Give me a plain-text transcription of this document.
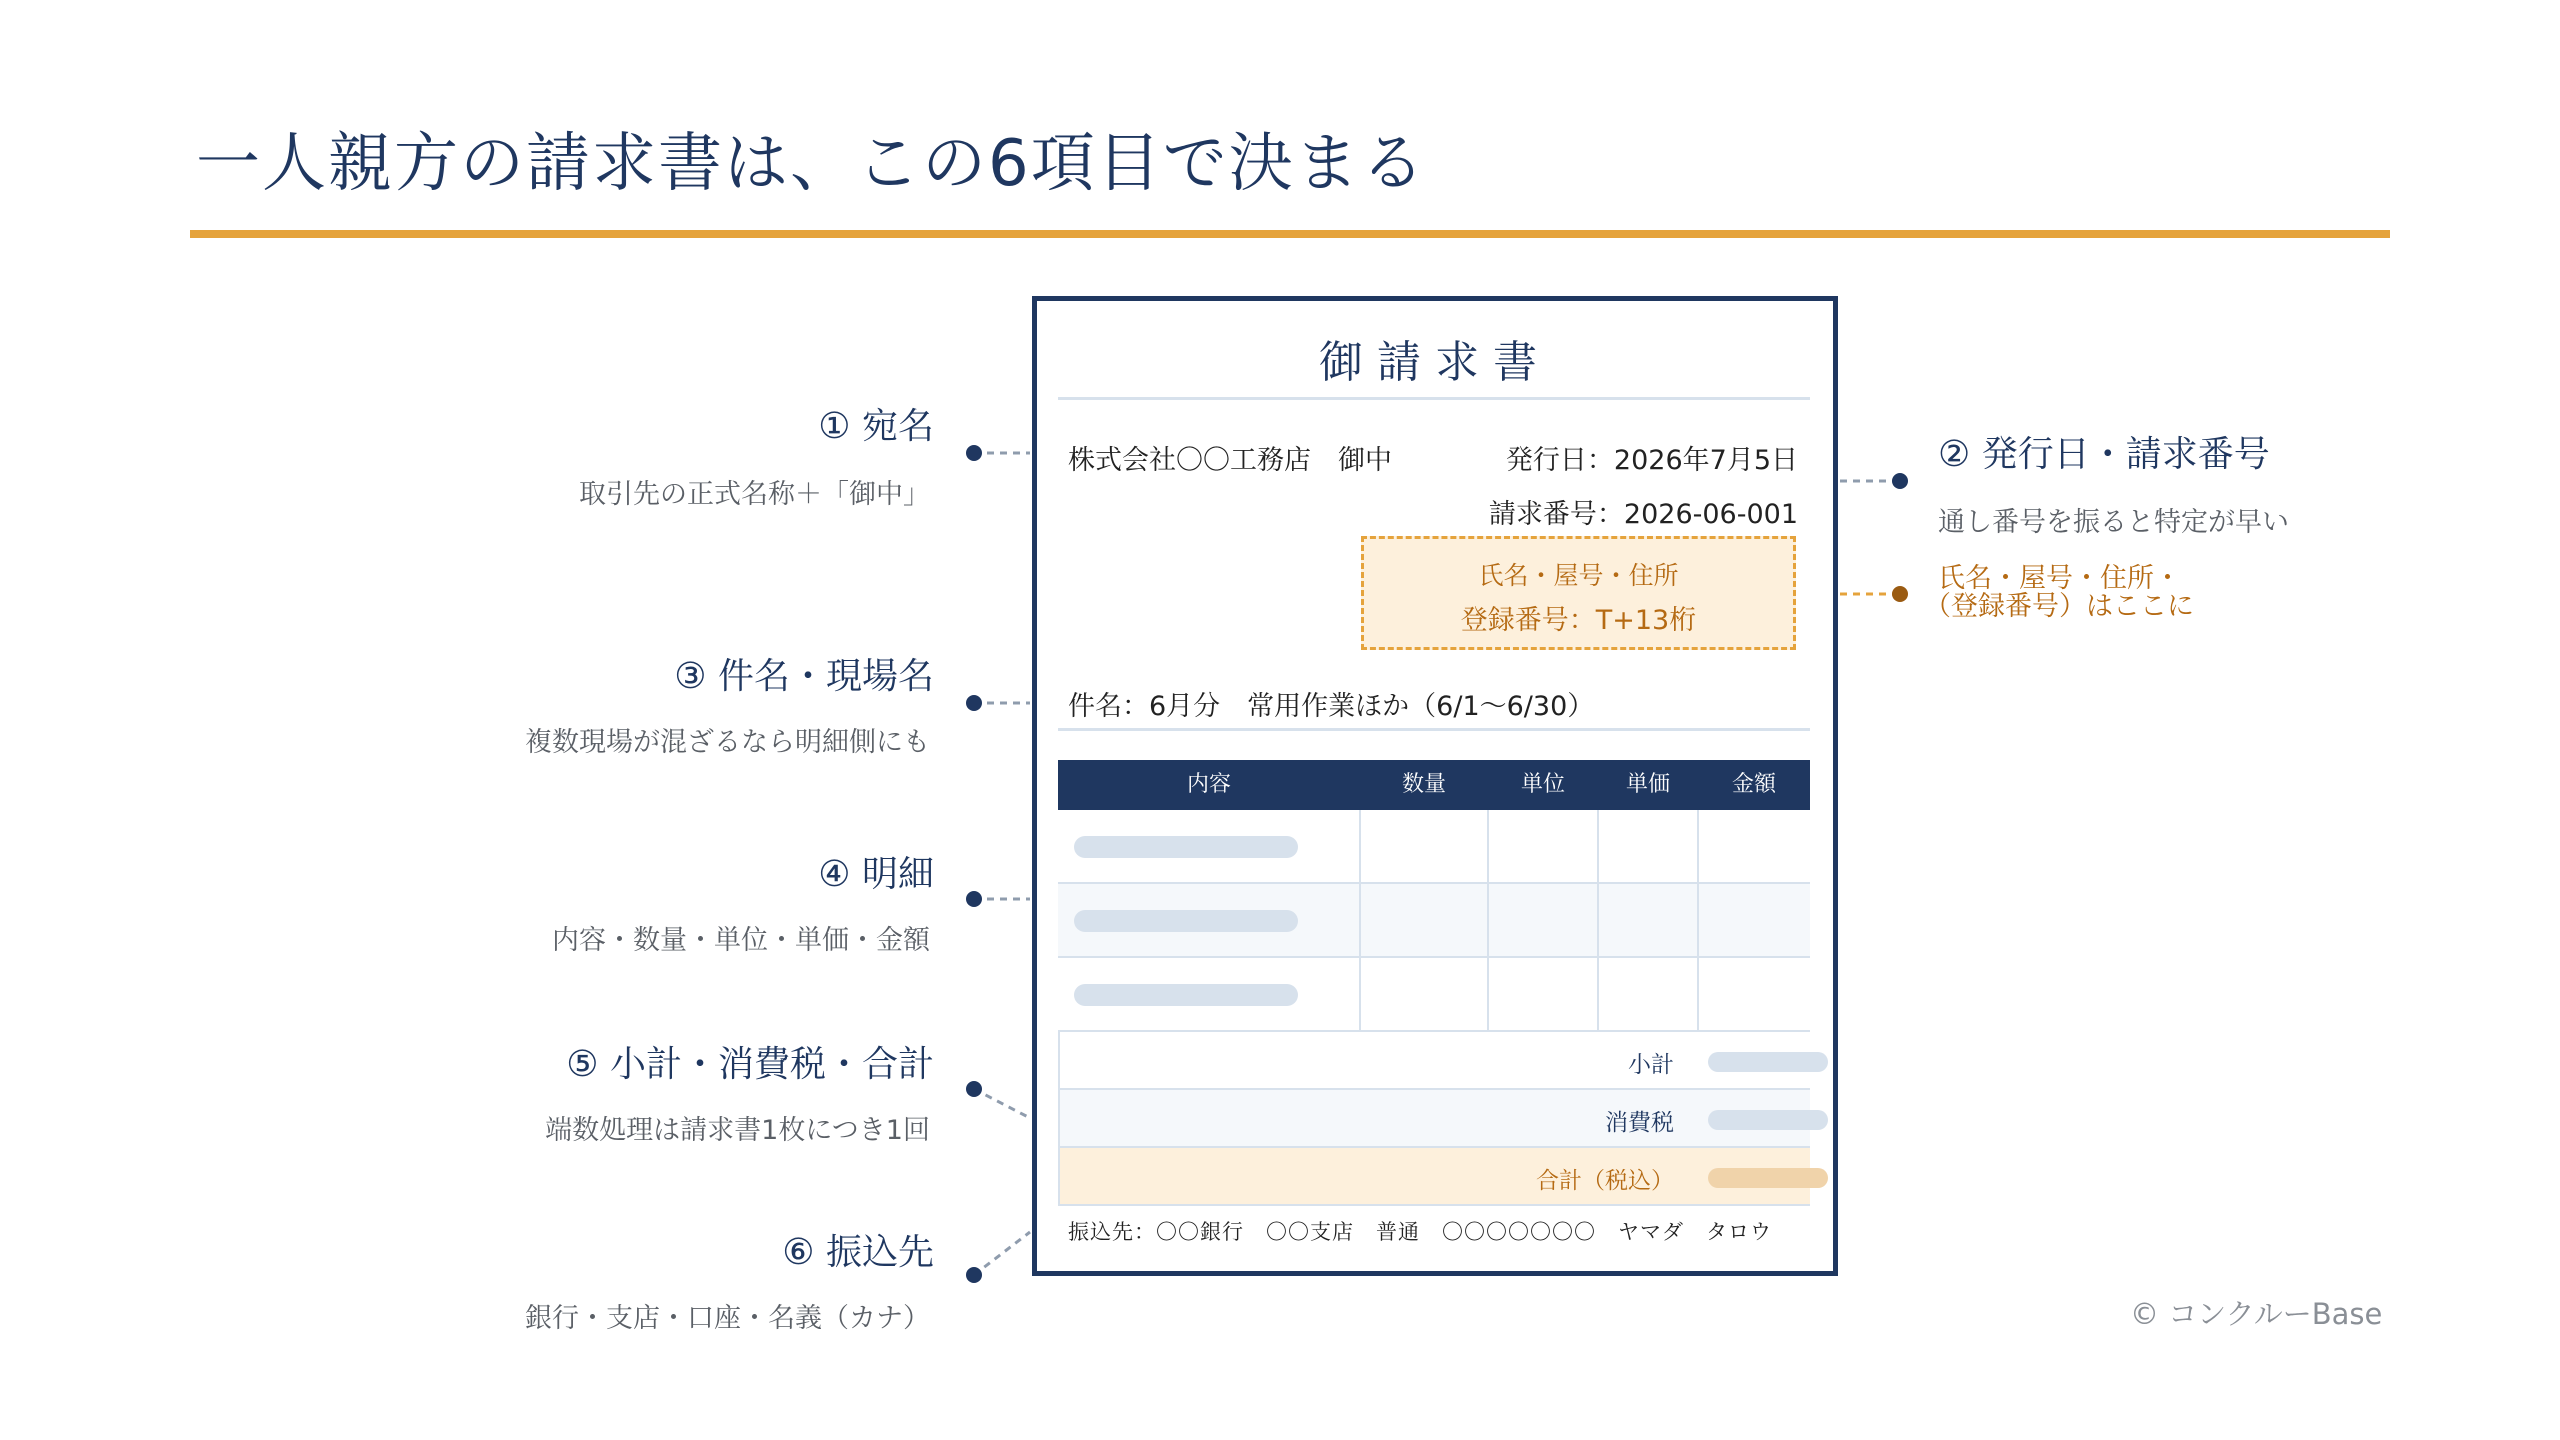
一人親方の請求書は、この6項目で決まる
① 宛名
取引先の正式名称＋「御中」
③ 件名・現場名
複数現場が混ざるなら明細側にも
④ 明細
内容・数量・単位・単価・金額
⑤ 小計・消費税・合計
端数処理は請求書1枚につき1回
⑥ 振込先
銀行・支店・口座・名義（カナ）
② 発行日・請求番号
通し番号を振ると特定が早い
氏名・屋号・住所・
（登録番号）はここに
御請求書
株式会社〇〇工務店　御中	発行日：2026年7月5日
請求番号：2026-06-001
氏名・屋号・住所
登録番号：T+13桁
件名：6月分　常用作業ほか（6/1〜6/30）
内容	数量	単位	単価	金額
小計
消費税
合計（税込）
振込先：〇〇銀行　〇〇支店　普通　〇〇〇〇〇〇〇　ヤマダ　タロウ
© コンクルーBase
